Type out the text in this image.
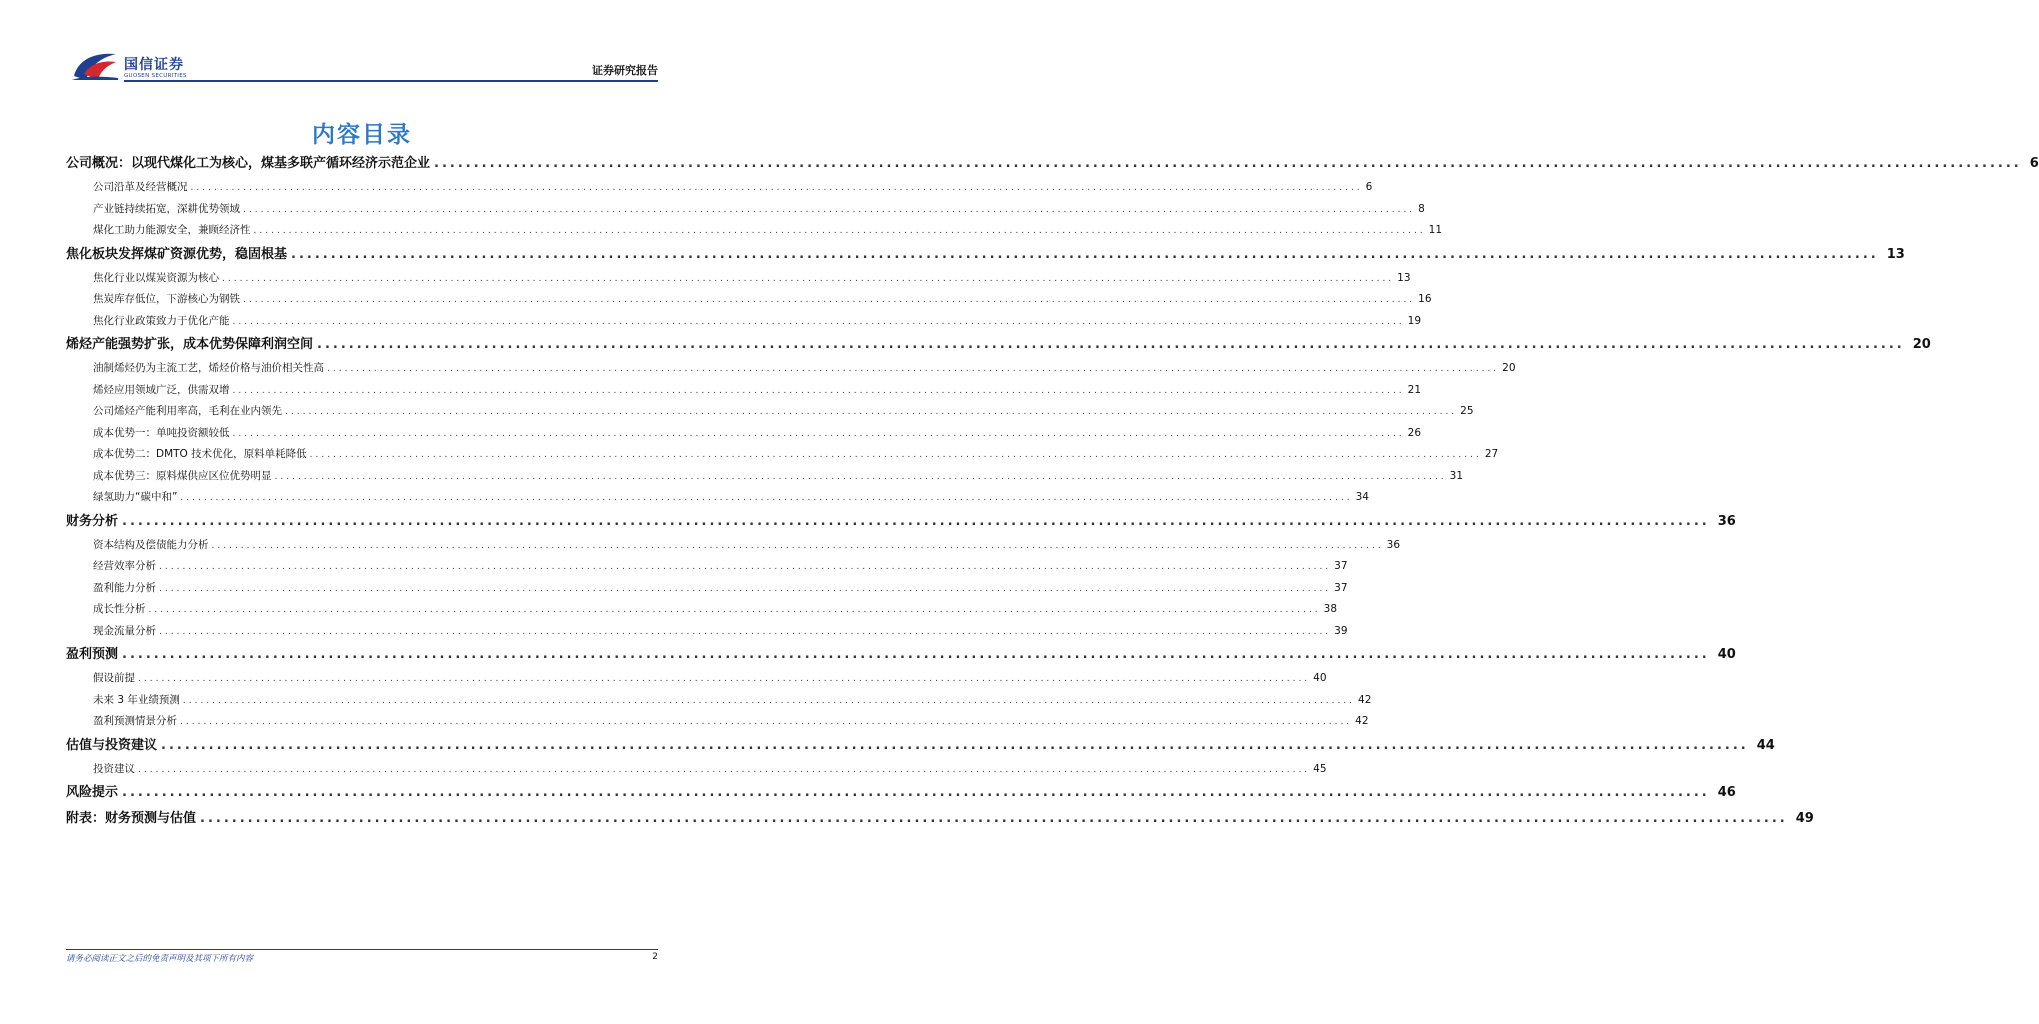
国信证券
GUOSEN SECURITIES	证券研究报告
内容目录
公司概况：以现代煤化工为核心，煤基多联产循环经济示范企业 ........................................................................................................................................................................................................ 6
公司沿革及经营概况 ........................................................................................................................................................................................................ 6
产业链持续拓宽，深耕优势领域 ........................................................................................................................................................................................................ 8
煤化工助力能源安全，兼顾经济性 ........................................................................................................................................................................................................ 11
焦化板块发挥煤矿资源优势，稳固根基 ........................................................................................................................................................................................................ 13
焦化行业以煤炭资源为核心 ........................................................................................................................................................................................................ 13
焦炭库存低位，下游核心为钢铁 ........................................................................................................................................................................................................ 16
焦化行业政策致力于优化产能 ........................................................................................................................................................................................................ 19
烯烃产能强势扩张，成本优势保障利润空间 ........................................................................................................................................................................................................ 20
油制烯烃仍为主流工艺，烯烃价格与油价相关性高 ........................................................................................................................................................................................................ 20
烯烃应用领域广泛，供需双增 ........................................................................................................................................................................................................ 21
公司烯烃产能利用率高，毛利在业内领先 ........................................................................................................................................................................................................ 25
成本优势一：单吨投资额较低 ........................................................................................................................................................................................................ 26
成本优势二：DMTO 技术优化，原料单耗降低 ........................................................................................................................................................................................................ 27
成本优势三：原料煤供应区位优势明显 ........................................................................................................................................................................................................ 31
绿氢助力“碳中和” ........................................................................................................................................................................................................ 34
财务分析 ........................................................................................................................................................................................................ 36
资本结构及偿债能力分析 ........................................................................................................................................................................................................ 36
经营效率分析 ........................................................................................................................................................................................................ 37
盈利能力分析 ........................................................................................................................................................................................................ 37
成长性分析 ........................................................................................................................................................................................................ 38
现金流量分析 ........................................................................................................................................................................................................ 39
盈利预测 ........................................................................................................................................................................................................ 40
假设前提 ........................................................................................................................................................................................................ 40
未来 3 年业绩预测 ........................................................................................................................................................................................................ 42
盈利预测情景分析 ........................................................................................................................................................................................................ 42
估值与投资建议 ........................................................................................................................................................................................................ 44
投资建议 ........................................................................................................................................................................................................ 45
风险提示 ........................................................................................................................................................................................................ 46
附表：财务预测与估值 ........................................................................................................................................................................................................ 49
请务必阅读正文之后的免责声明及其项下所有内容	2
